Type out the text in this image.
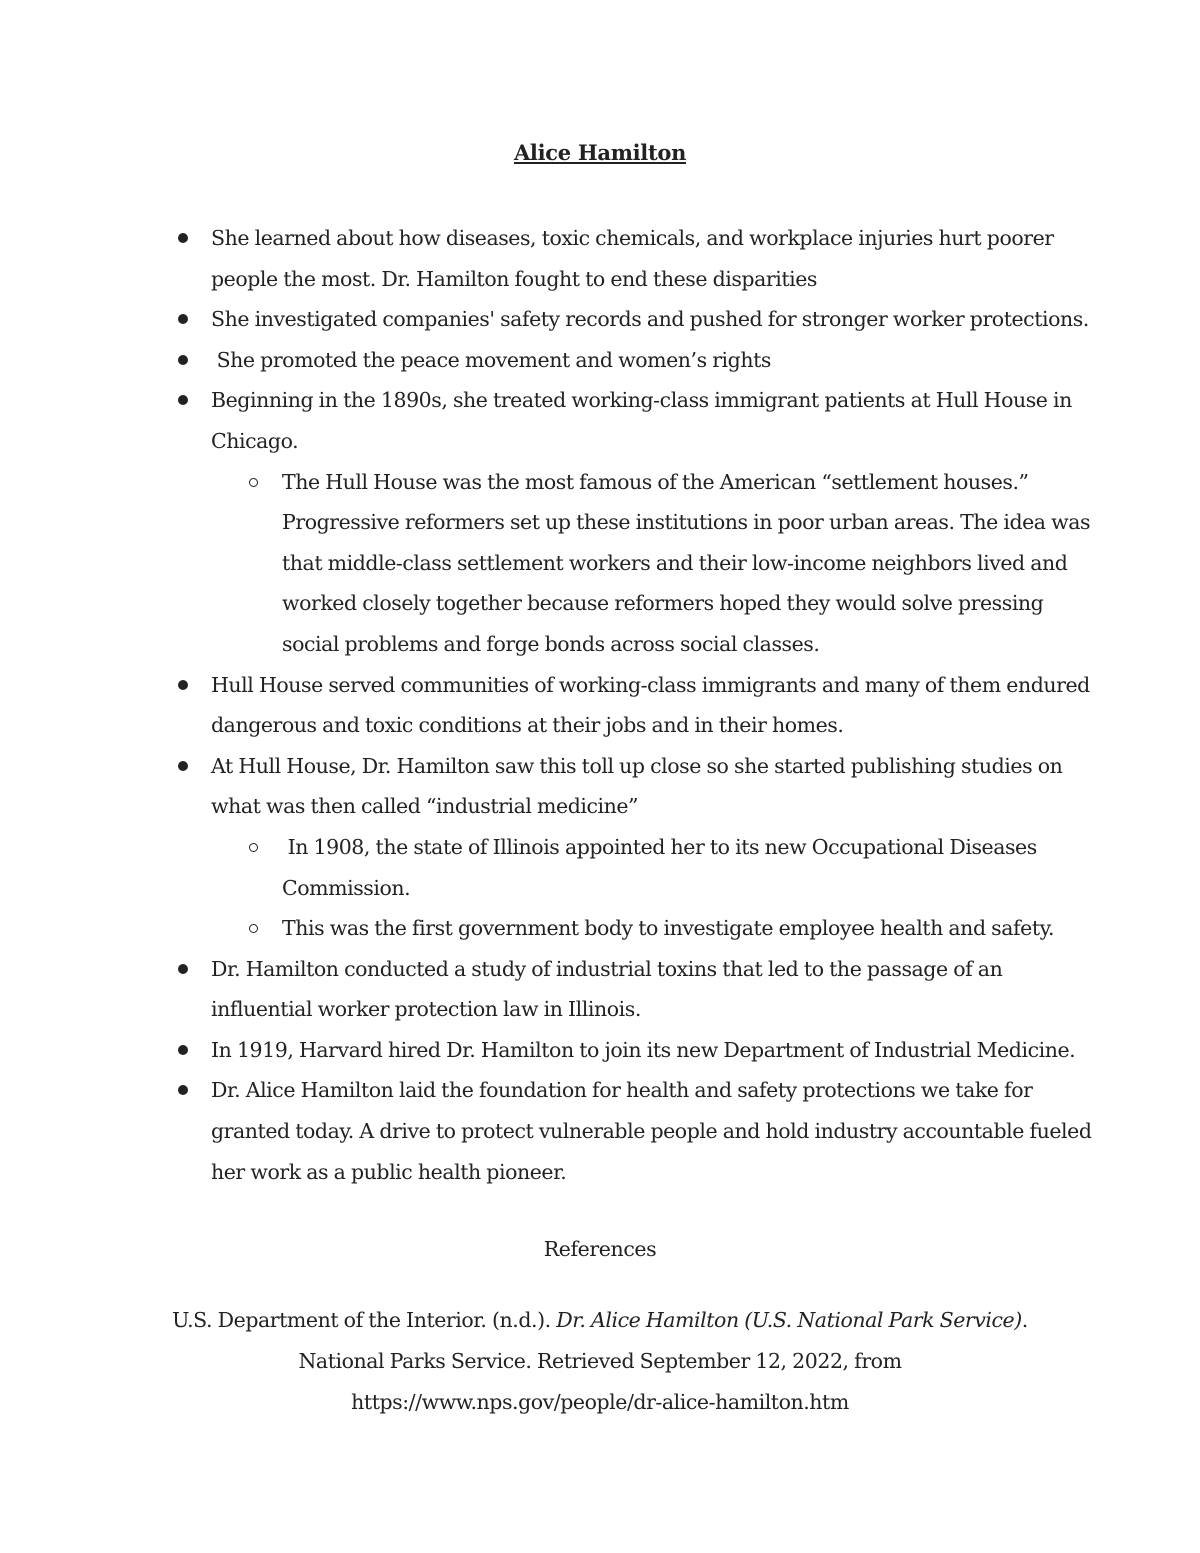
Alice Hamilton
She learned about how diseases, toxic chemicals, and workplace injuries hurt poorer
people the most. Dr. Hamilton fought to end these disparities
She investigated companies' safety records and pushed for stronger worker protections.
She promoted the peace movement and women’s rights
Beginning in the 1890s, she treated working-class immigrant patients at Hull House in
Chicago.
The Hull House was the most famous of the American “settlement houses.”
Progressive reformers set up these institutions in poor urban areas. The idea was
that middle-class settlement workers and their low-income neighbors lived and
worked closely together because reformers hoped they would solve pressing
social problems and forge bonds across social classes.
Hull House served communities of working-class immigrants and many of them endured
dangerous and toxic conditions at their jobs and in their homes.
At Hull House, Dr. Hamilton saw this toll up close so she started publishing studies on
what was then called “industrial medicine”
In 1908, the state of Illinois appointed her to its new Occupational Diseases
Commission.
This was the first government body to investigate employee health and safety.
Dr. Hamilton conducted a study of industrial toxins that led to the passage of an
influential worker protection law in Illinois.
In 1919, Harvard hired Dr. Hamilton to join its new Department of Industrial Medicine.
Dr. Alice Hamilton laid the foundation for health and safety protections we take for
granted today. A drive to protect vulnerable people and hold industry accountable fueled
her work as a public health pioneer.
References
U.S. Department of the Interior. (n.d.). Dr. Alice Hamilton (U.S. National Park Service).
National Parks Service. Retrieved September 12, 2022, from
https://www.nps.gov/people/dr-alice-hamilton.htm
